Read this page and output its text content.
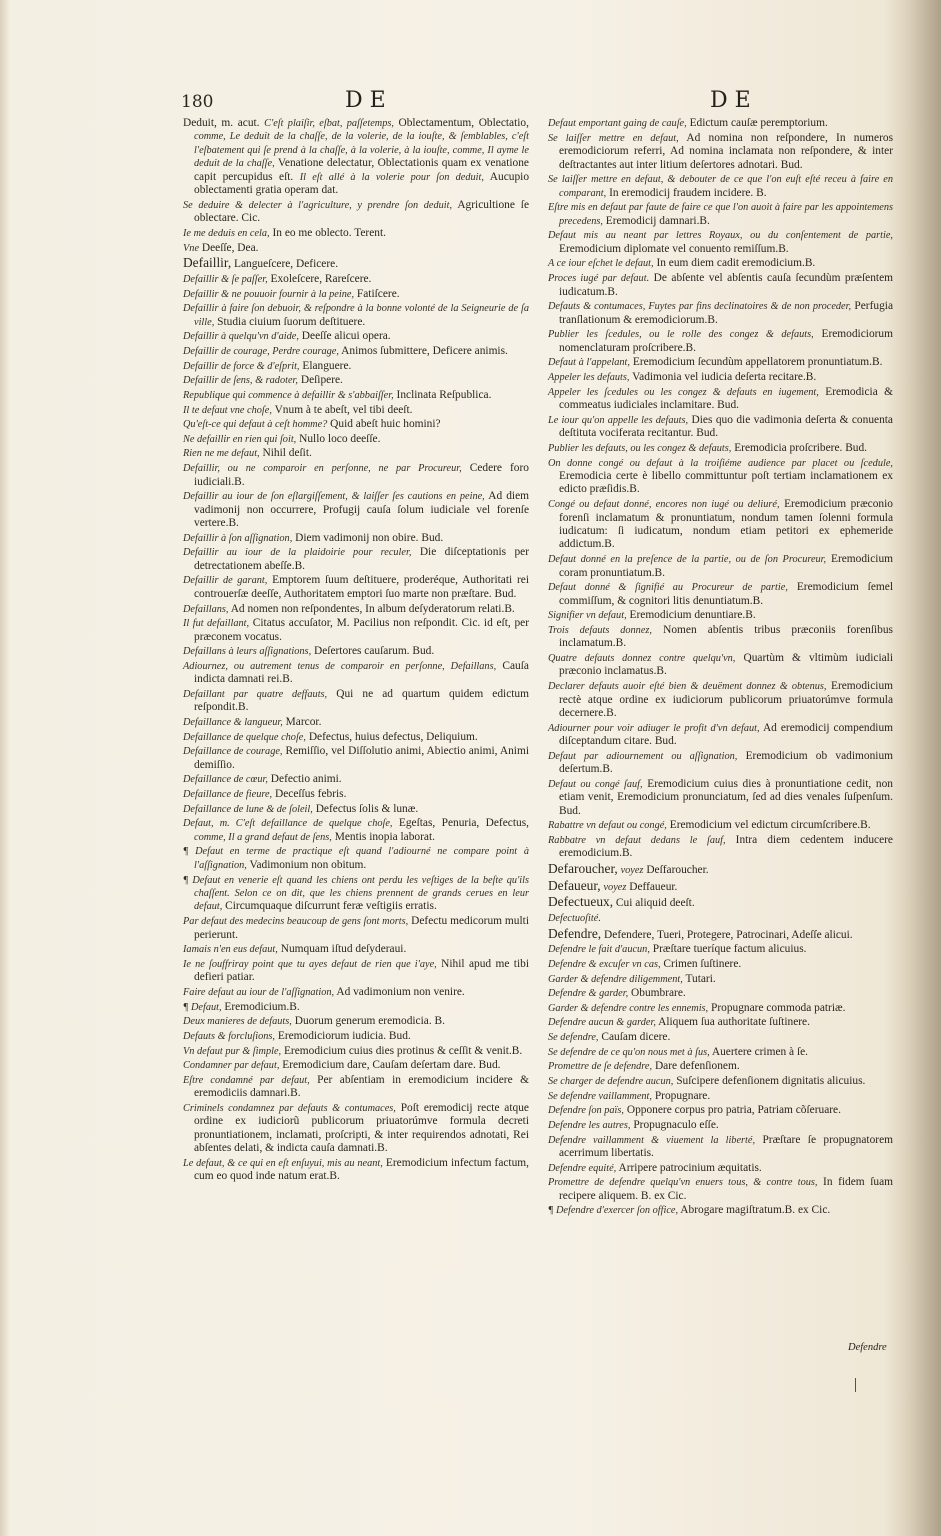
180	DE	DE

Deduit, m. acut. C'eſt plaiſir, eſbat, paſſetemps, Oblectamentum, Oblectatio, comme, Le deduit de la chaſſe, de la volerie, de la iouſte, & ſemblables, c'eſt l'eſbatement qui ſe prend à la chaſſe, à la volerie, à la iouſte, comme, Il ayme le deduit de la chaſſe, Venatione delectatur, Oblectationis quam ex venatione capit percupidus eſt. Il eſt allé à la volerie pour ſon deduit, Aucupio oblectamenti gratia operam dat.

Se deduire & delecter à l'agriculture, y prendre ſon deduit, Agricultione ſe oblectare. Cic.

Ie me deduis en cela, In eo me oblecto. Terent.

Vne Deeſſe, Dea.

Defaillir, Langueſcere, Deficere.

Defaillir & ſe paſſer, Exoleſcere, Rareſcere.

Defaillir & ne pouuoir fournir à la peine, Fatiſcere.

Defaillir à faire ſon debuoir, & reſpondre à la bonne volonté de la Seigneurie de ſa ville, Studia ciuium ſuorum deſtituere.

Defaillir à quelqu'vn d'aide, Deeſſe alicui opera.

Defaillir de courage, Perdre courage, Animos ſubmittere, Deficere animis.

Defaillir de force & d'eſprit, Elanguere.

Defaillir de ſens, & radoter, Deſipere.

Republique qui commence à defaillir & s'abbaiſſer, Inclinata Reſpublica.

Il te defaut vne choſe, Vnum à te abeſt, vel tibi deeſt.

Qu'eſt-ce qui defaut à ceſt homme? Quid abeſt huic homini?

Ne defaillir en rien qui ſoit, Nullo loco deeſſe.

Rien ne me defaut, Nihil deſit.

Defaillir, ou ne comparoir en perſonne, ne par Procureur, Cedere foro iudiciali.B.

Defaillir au iour de ſon eſlargiſſement, & laiſſer ſes cautions en peine, Ad diem vadimonij non occurrere, Profugij cauſa ſolum iudiciale vel forenſe vertere.B.

Defaillir à ſon aſſignation, Diem vadimonij non obire. Bud.

Defaillir au iour de la plaidoirie pour reculer, Die diſceptationis per detrectationem abeſſe.B.

Defaillir de garant, Emptorem ſuum deſtituere, proderéque, Authoritati rei controuerſæ deeſſe, Authoritatem emptori ſuo marte non præſtare. Bud.

Defaillans, Ad nomen non reſpondentes, In album deſyderatorum relati.B.

Il fut defaillant, Citatus accuſator, M. Pacilius non reſpondit. Cic. id eſt, per præconem vocatus.

Defaillans à leurs aſſignations, Deſertores cauſarum. Bud.

Adiournez, ou autrement tenus de comparoir en perſonne, Defaillans, Cauſa indicta damnati rei.B.

Defaillant par quatre deffauts, Qui ne ad quartum quidem edictum reſpondit.B.

Defaillance & langueur, Marcor.

Defaillance de quelque choſe, Defectus, huius defectus, Deliquium.

Defaillance de courage, Remiſſio, vel Diſſolutio animi, Abiectio animi, Animi demiſſio.

Defaillance de cœur, Defectio animi.

Defaillance de fieure, Deceſſus febris.

Defaillance de lune & de ſoleil, Defectus ſolis & lunæ.

Defaut, m. C'eſt defaillance de quelque choſe, Egeſtas, Penuria, Defectus, comme, Il a grand defaut de ſens, Mentis inopia laborat.

¶ Defaut en terme de practique eſt quand l'adiourné ne compare point à l'aſſignation, Vadimonium non obitum.

¶ Defaut en venerie eſt quand les chiens ont perdu les veſtiges de la beſte qu'ils chaſſent. Selon ce on dit, que les chiens prennent de grands cerues en leur defaut, Circumquaque diſcurrunt feræ veſtigiis erratis.

Par defaut des medecins beaucoup de gens ſont morts, Defectu medicorum multi perierunt.

Iamais n'en eus defaut, Numquam iſtud deſyderaui.

Ie ne ſouffriray point que tu ayes defaut de rien que i'aye, Nihil apud me tibi defieri patiar.

Faire defaut au iour de l'aſſignation, Ad vadimonium non venire.

¶ Defaut, Eremodicium.B.

Deux manieres de defauts, Duorum generum eremodicia. B.

Defauts & forcluſions, Eremodiciorum iudicia. Bud.

Vn defaut pur & ſimple, Eremodicium cuius dies protinus & ceſſit & venit.B.

Condamner par defaut, Eremodicium dare, Cauſam deſertam dare. Bud.

Eſtre condamné par defaut, Per abſentiam in eremodicium incidere & eremodiciis damnari.B.

Criminels condamnez par defauts & contumaces, Poſt eremodicij recte atque ordine ex iudiciorũ publicorum priuatorúmve formula decreti pronuntiationem, inclamati, proſcripti, & inter requirendos adnotati, Rei abſentes delati, & indicta cauſa damnati.B.

Le defaut, & ce qui en eſt enſuyui, mis au neant, Eremodicium infectum factum, cum eo quod inde natum erat.B.

Defaut emportant gaing de cauſe, Edictum cauſæ peremptorium.

Se laiſſer mettre en defaut, Ad nomina non reſpondere, In numeros eremodiciorum referri, Ad nomina inclamata non reſpondere, & inter deſtractantes aut inter litium deſertores adnotari. Bud.

Se laiſſer mettre en defaut, & debouter de ce que l'on euſt eſté receu à faire en comparant, In eremodicij fraudem incidere. B.

Eſtre mis en defaut par faute de faire ce que l'on auoit à faire par les appointemens precedens, Eremodicij damnari.B.

Defaut mis au neant par lettres Royaux, ou du conſentement de partie, Eremodicium diplomate vel conuento remiſſum.B.

A ce iour eſchet le defaut, In eum diem cadit eremodicium.B.

Proces iugé par defaut. De abſente vel abſentis cauſa ſecundùm præſentem iudicatum.B.

Defauts & contumaces, Fuytes par fins declinatoires & de non proceder, Perfugia tranſlationum & eremodiciorum.B.

Publier les ſcedules, ou le rolle des congez & defauts, Eremodiciorum nomenclaturam proſcribere.B.

Defaut à l'appelant, Eremodicium ſecundùm appellatorem pronuntiatum.B.

Appeler les defauts, Vadimonia vel iudicia deſerta recitare.B.

Appeler les ſcedules ou les congez & defauts en iugement, Eremodicia & commeatus iudiciales inclamitare. Bud.

Le iour qu'on appelle les defauts, Dies quo die vadimonia deſerta & conuenta deſtituta vociferata recitantur. Bud.

Publier les defauts, ou les congez & defauts, Eremodicia proſcribere. Bud.

On donne congé ou defaut à la troiſiéme audience par placet ou ſcedule, Eremodicia certe è libello committuntur poſt tertiam inclamationem ex edicto præſidis.B.

Congé ou defaut donné, encores non iugé ou deliuré, Eremodicium præconio forenſi inclamatum & pronuntiatum, nondum tamen ſolenni formula iudicatum: ſi iudicatum, nondum etiam petitori ex ephemeride addictum.B.

Defaut donné en la preſence de la partie, ou de ſon Procureur, Eremodicium coram pronuntiatum.B.

Defaut donné & ſignifié au Procureur de partie, Eremodicium ſemel commiſſum, & cognitori litis denuntiatum.B.

Signifier vn defaut, Eremodicium denuntiare.B.

Trois defauts donnez, Nomen abſentis tribus præconiis forenſibus inclamatum.B.

Quatre defauts donnez contre quelqu'vn, Quartùm & vltimùm iudiciali præconio inclamatus.B.

Declarer defauts auoir eſté bien & deuëment donnez & obtenus, Eremodicium rectè atque ordine ex iudiciorum publicorum priuatorúmve formula decernere.B.

Adiourner pour voir adiuger le profit d'vn defaut, Ad eremodicij compendium diſceptandum citare. Bud.

Defaut par adiournement ou aſſignation, Eremodicium ob vadimonium deſertum.B.

Defaut ou congé ſauf, Eremodicium cuius dies à pronuntiatione cedit, non etiam venit, Eremodicium pronunciatum, ſed ad dies venales ſuſpenſum. Bud.

Rabattre vn defaut ou congé, Eremodicium vel edictum circumſcribere.B.

Rabbatre vn defaut dedans le ſauf, Intra diem cedentem inducere eremodicium.B.

Defaroucher, voyez Deſfaroucher.

Defaueur, voyez Deffaueur.

Defectueux, Cui aliquid deeſt.

Defectuoſité.

Defendre, Defendere, Tueri, Protegere, Patrocinari, Adeſſe alicui.

Defendre le fait d'aucun, Præſtare tueríque factum alicuius.

Defendre & excuſer vn cas, Crimen ſuſtinere.

Garder & defendre diligemment, Tutari.

Defendre & garder, Obumbrare.

Garder & defendre contre les ennemis, Propugnare commoda patriæ.

Defendre aucun & garder, Aliquem ſua authoritate ſuſtinere.

Se defendre, Cauſam dicere.

Se defendre de ce qu'on nous met à ſus, Auertere crimen à ſe.

Promettre de ſe defendre, Dare defenſionem.

Se charger de defendre aucun, Suſcipere defenſionem dignitatis alicuius.

Se defendre vaillamment, Propugnare.

Defendre ſon païs, Opponere corpus pro patria, Patriam cõſeruare.

Defendre les autres, Propugnaculo eſſe.

Defendre vaillamment & viuement la liberté, Præſtare ſe propugnatorem acerrimum libertatis.

Defendre equité, Arripere patrocinium æquitatis.

Promettre de defendre quelqu'vn enuers tous, & contre tous, In fidem ſuam recipere aliquem. B. ex Cic.

¶ Defendre d'exercer ſon office, Abrogare magiſtratum.B. ex Cic.

Defendre
